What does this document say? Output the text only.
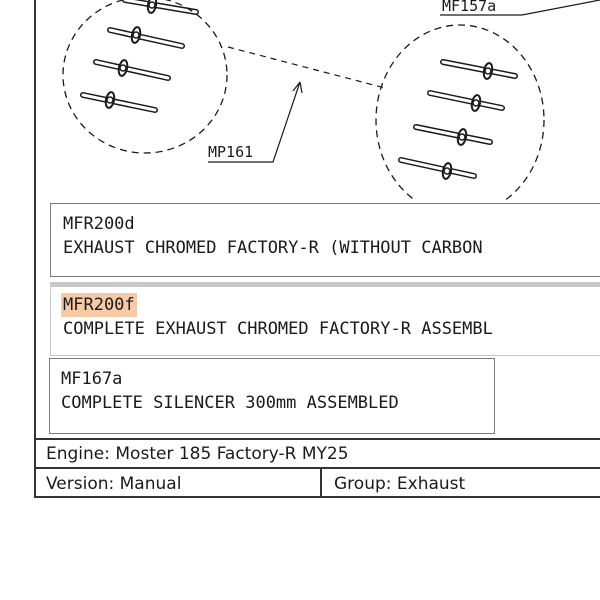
MP161
MF157a
MFR200d
EXHAUST CHROMED FACTORY-R (WITHOUT CARBON
MFR200f
COMPLETE EXHAUST CHROMED FACTORY-R ASSEMBL
MF167a
COMPLETE SILENCER 300mm ASSEMBLED
Engine: Moster 185 Factory-R MY25
Version: Manual	Group: Exhaust
